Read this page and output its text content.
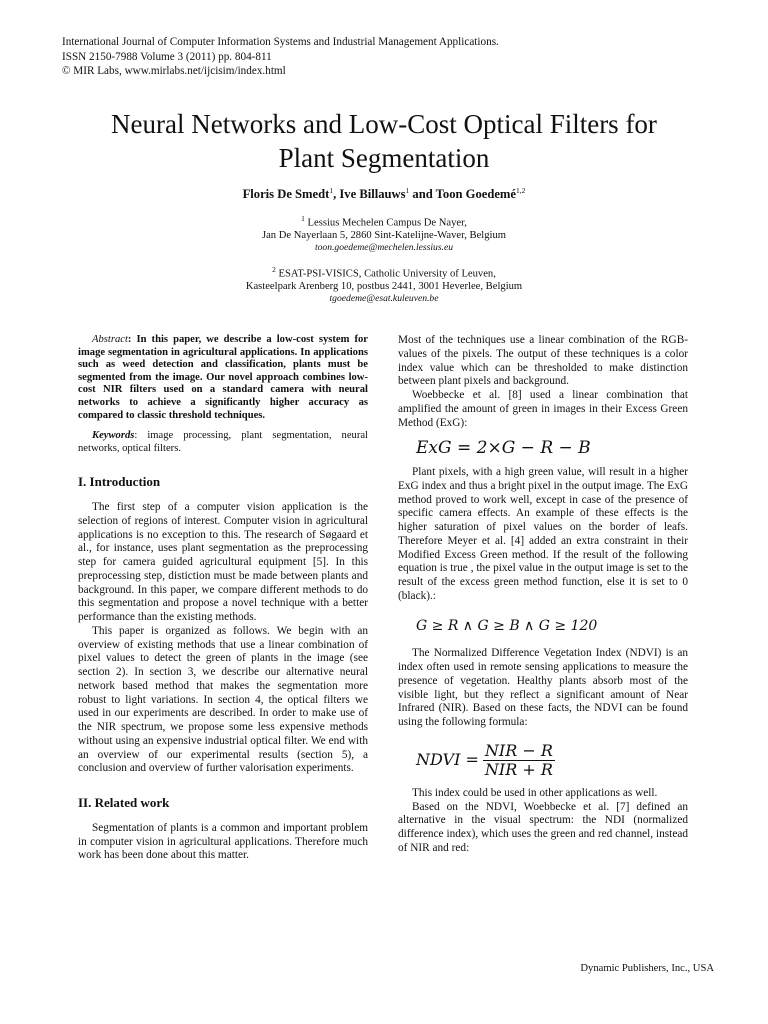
International Journal of Computer Information Systems and Industrial Management Applications.
ISSN 2150-7988 Volume 3 (2011) pp. 804-811
© MIR Labs, www.mirlabs.net/ijcisim/index.html
Neural Networks and Low-Cost Optical Filters for
Plant Segmentation
Floris De Smedt$^1$, Ive Billauws$^1$ and Toon Goedemé$^{1,2}$
$^1$ Lessius Mechelen Campus De Nayer,
Jan De Nayerlaan 5, 2860 Sint-Katelijne-Waver, Belgium
toon.goedeme@mechelen.lessius.eu
$^2$ ESAT-PSI-VISICS, Catholic University of Leuven,
Kasteelpark Arenberg 10, postbus 2441, 3001 Heverlee, Belgium
tgoedeme@esat.kuleuven.be

Abstract: In this paper, we describe a low-cost system for image segmentation in agricultural applications. In applications such as weed detection and classification, plants must be segmented from the image. Our novel approach combines low-cost NIR filters used on a standard camera with neural networks to achieve a significantly higher accuracy as compared to classic threshold techniques.

Keywords: image processing, plant segmentation, neural networks, optical filters.

I. Introduction

The first step of a computer vision application is the selection of regions of interest. Computer vision in agricultural applications is no exception to this. The research of Søgaard et al., for instance, uses plant segmentation as the preprocessing step for camera guided agricultural equipment [5]. In this preprocessing step, distiction must be made between plants and background. In this paper, we compare different methods to do this segmentation and propose a novel technique with a better performance than the existing methods.

This paper is organized as follows. We begin with an overview of existing methods that use a linear combination of pixel values to detect the green of plants in the image (see section 2). In section 3, we describe our alternative neural network based method that makes the segmentation more robust to light variations. In section 4, the optical filters we used in our experiments are described. In order to make use of the NIR spectrum, we propose some less expensive methods without using an expensive industrial optical filter. We end with an overview of our experimental results (section 5), a conclusion and overview of further valorisation experiments.

II. Related work

Segmentation of plants is a common and important problem in computer vision in agricultural applications. Therefore much work has been done about this matter.

Most of the techniques use a linear combination of the RGB-values of the pixels. The output of these techniques is a color index value which can be thresholded to make distinction between plant pixels and background.

Woebbecke et al. [8] used a linear combination that amplified the amount of green in images in their Excess Green Method (ExG):

ExG = 2×G − R − B

Plant pixels, with a high green value, will result in a higher ExG index and thus a bright pixel in the output image. The ExG method proved to work well, except in case of the presence of specific camera effects. An example of these effects is the higher saturation of pixel values on the border of leafs. Therefore Meyer et al. [4] added an extra constraint in their Modified Excess Green method. If the result of the following equation is true , the pixel value in the output image is set to the result of the excess green method function, else it is set to 0 (black).:

G ≥ R ∧ G ≥ B ∧ G ≥ 120

The Normalized Difference Vegetation Index (NDVI) is an index often used in remote sensing applications to measure the presence of vegetation. Healthy plants absorb most of the visible light, but they reflect a significant amount of Near Infrared (NIR). Based on these facts, the NDVI can be found using the following formula:

NDVI = $\frac{\text{NIR − R}}{\text{NIR + R}}$

This index could be used in other applications as well.

Based on the NDVI, Woebbecke et al. [7] defined an alternative in the visual spectrum: the NDI (normalized difference index), which uses the green and red channel, instead of NIR and red:

Dynamic Publishers, Inc., USA
